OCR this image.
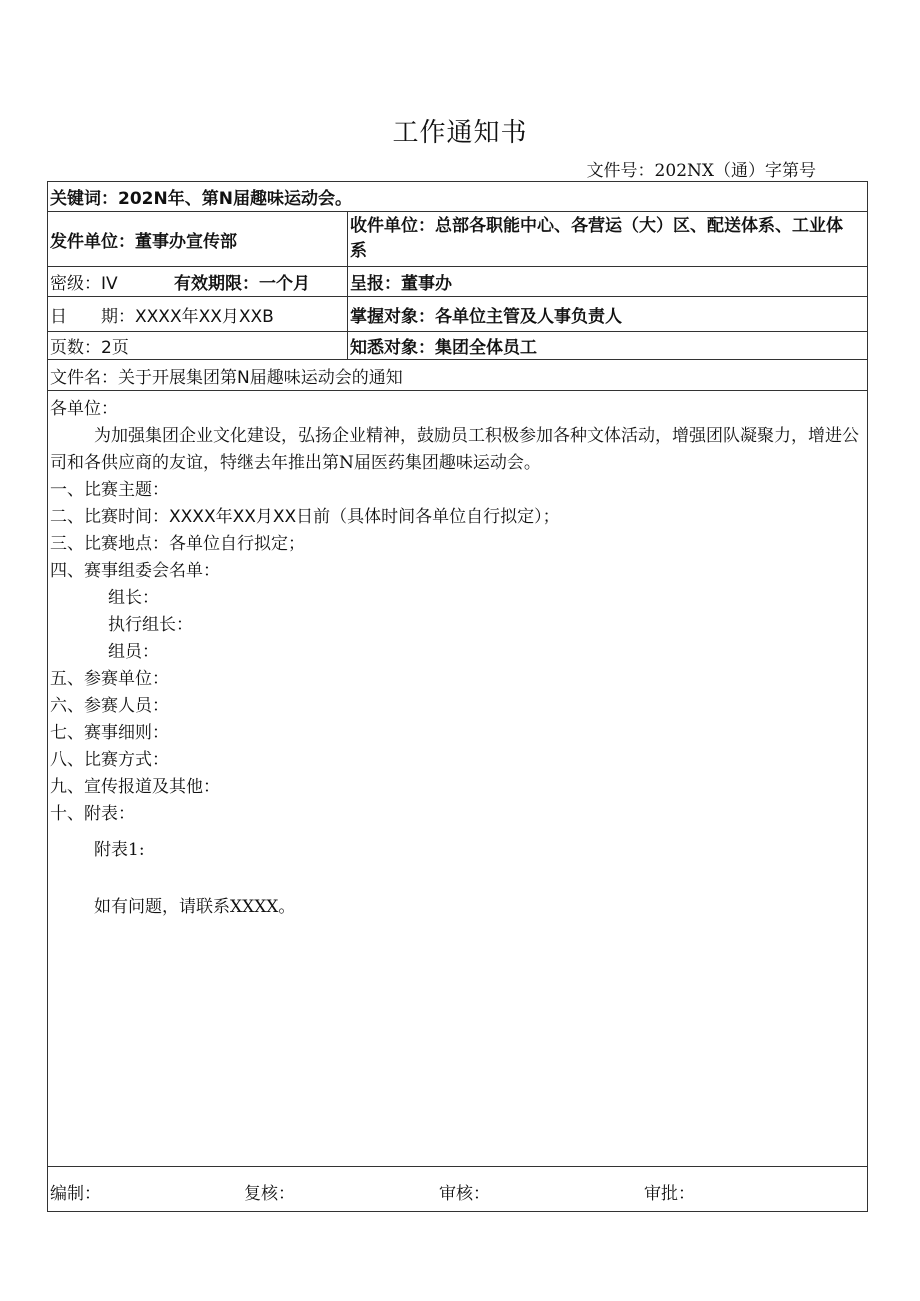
工作通知书
文件号：202NX（通）字第号
关键词：202N年、第N届趣味运动会。
发件单位：董事办宣传部
收件单位：总部各职能中心、各营运（大）区、配送体系、工业体系
密级：IV	有效期限：一个月	呈报：董事办
日　　期：XXXX年XX月XXB	掌握对象：各单位主管及人事负责人
页数：2页	知悉对象：集团全体员工
文件名：关于开展集团第N届趣味运动会的通知

各单位：

为加强集团企业文化建设，弘扬企业精神，鼓励员工积极参加各种文体活动，增强团队凝聚力，增进公司和各供应商的友谊，特继去年推出第N届医药集团趣味运动会。

一、比赛主题：

二、比赛时间：XXXX年XX月XX日前（具体时间各单位自行拟定）；

三、比赛地点：各单位自行拟定；

四、赛事组委会名单：

组长：

执行组长：

组员：

五、参赛单位：

六、参赛人员：

七、赛事细则：

八、比赛方式：

九、宣传报道及其他：

十、附表：

附表1:

如有问题，请联系XXXX。

编制：	复核：	审核：	审批：
